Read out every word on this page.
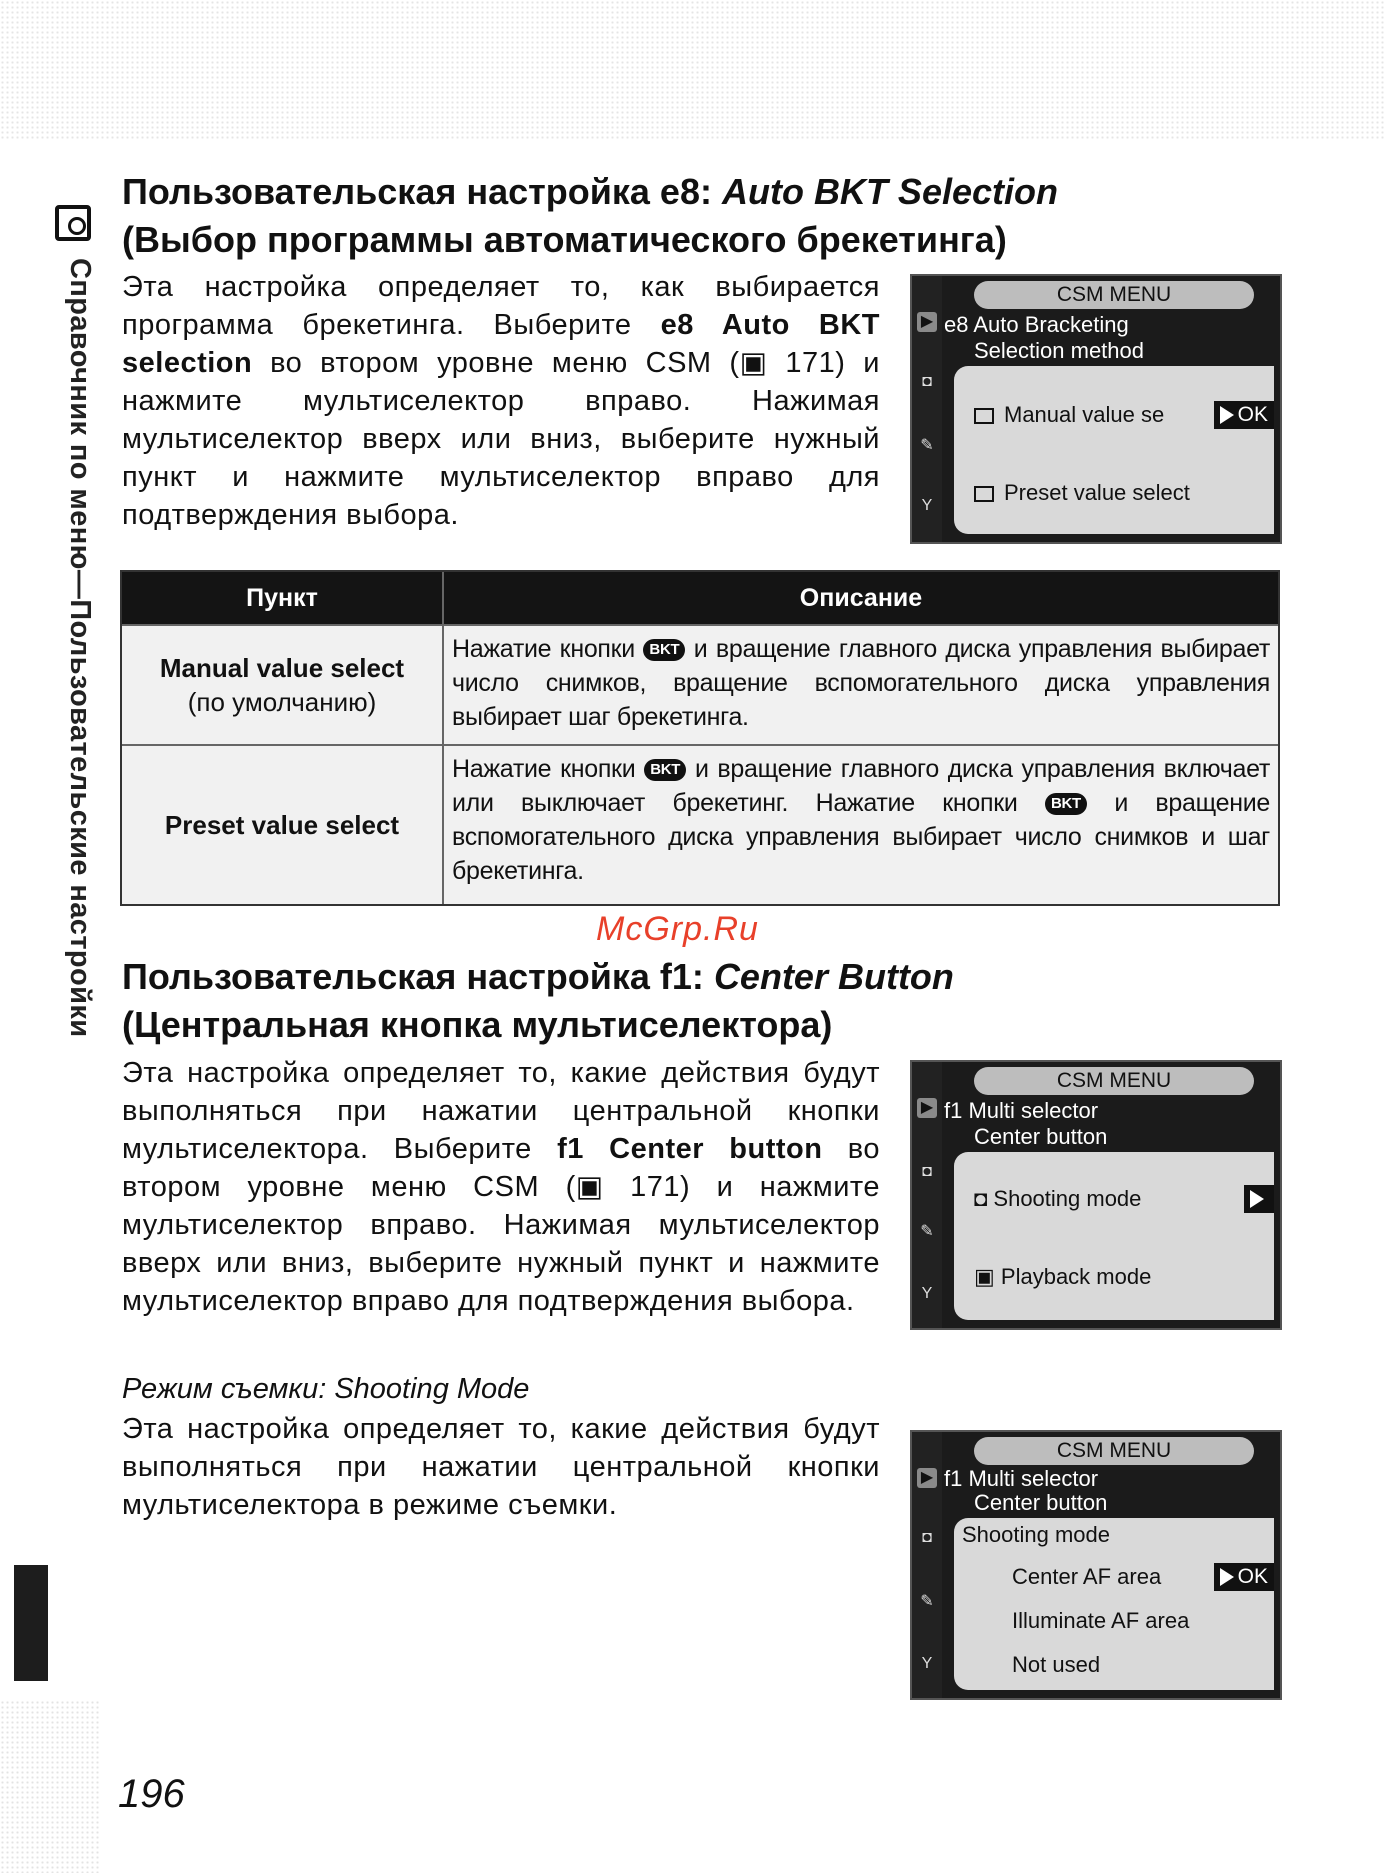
Справочник по меню—Пользовательские настройки
Пользовательская настройка e8: Auto BKT Selection
(Выбор программы автоматического брекетинга)
Эта настройка определяет то, как выбирается программа брекетинга. Выберите e8 Auto BKT selection во втором уровне меню CSM (▣ 171) и нажмите мультиселектор вправо. Нажимая мультиселектор вверх или вниз, выберите нужный пункт и нажмите мультиселектор вправо для подтверждения выбора.
▶
◘
✎
Y
CSM MENU
e8 Auto Bracketing
Selection method
Manual value se	OK
Preset value select
Пункт	Описание
Manual value select
(по умолчанию)
Нажатие кнопки BKT и вращение главного диска управления выбирает число снимков, вращение вспомогательного диска управления выбирает шаг брекетинга.
Preset value select
Нажатие кнопки BKT и вращение главного диска управления включает или выключает брекетинг. Нажатие кнопки BKT и вращение вспомогательного диска управления выбирает число снимков и шаг брекетинга.
McGrp.Ru
Пользовательская настройка f1: Center Button
(Центральная кнопка мультиселектора)
Эта настройка определяет то, какие действия будут выполняться при нажатии центральной кнопки мультиселектора. Выберите f1 Center button во втором уровне меню CSM (▣ 171) и нажмите мультиселектор вправо. Нажимая мультиселектор вверх или вниз, выберите нужный пункт и нажмите мультиселектор вправо для подтверждения выбора.
▶
◘
✎
Y
CSM MENU
f1 Multi selector
Center button
◘ Shooting mode
▣ Playback mode
Режим съемки: Shooting Mode
Эта настройка определяет то, какие действия будут выполняться при нажатии центральной кнопки мультиселектора в режиме съемки.
▶
◘
✎
Y
CSM MENU
f1 Multi selector
Center button
Shooting mode
Center AF area	OK
Illuminate AF area
Not used
196
